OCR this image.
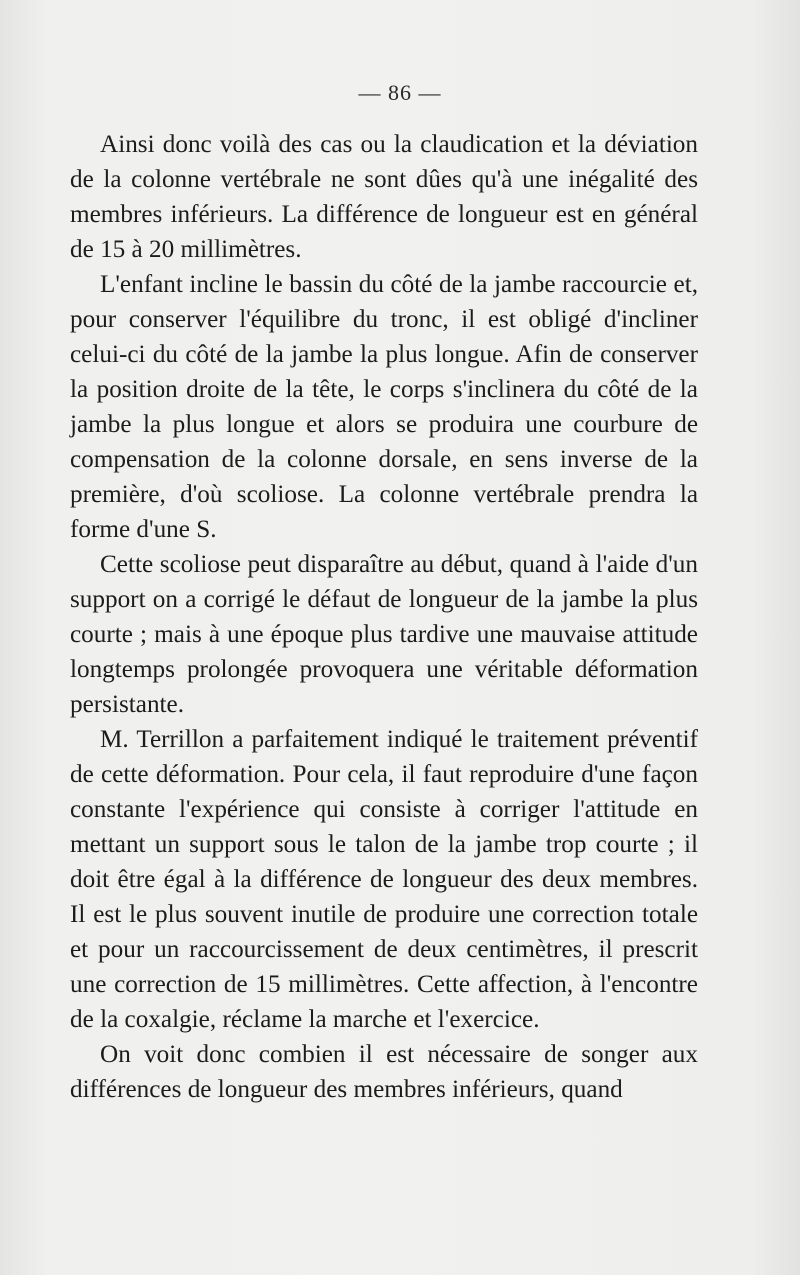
— 86 —

Ainsi donc voilà des cas ou la claudication et la déviation de la colonne vertébrale ne sont dûes qu'à une inégalité des membres inférieurs. La différence de longueur est en général de 15 à 20 millimètres.

L'enfant incline le bassin du côté de la jambe raccourcie et, pour conserver l'équilibre du tronc, il est obligé d'incliner celui-ci du côté de la jambe la plus longue. Afin de conserver la position droite de la tête, le corps s'inclinera du côté de la jambe la plus longue et alors se produira une courbure de compensation de la colonne dorsale, en sens inverse de la première, d'où scoliose. La colonne vertébrale prendra la forme d'une S.

Cette scoliose peut disparaître au début, quand à l'aide d'un support on a corrigé le défaut de longueur de la jambe la plus courte ; mais à une époque plus tardive une mauvaise attitude longtemps prolongée provoquera une véritable déformation persistante.

M. Terrillon a parfaitement indiqué le traitement préventif de cette déformation. Pour cela, il faut reproduire d'une façon constante l'expérience qui consiste à corriger l'attitude en mettant un support sous le talon de la jambe trop courte ; il doit être égal à la différence de longueur des deux membres. Il est le plus souvent inutile de produire une correction totale et pour un raccourcissement de deux centimètres, il prescrit une correction de 15 millimètres. Cette affection, à l'encontre de la coxalgie, réclame la marche et l'exercice.

On voit donc combien il est nécessaire de songer aux différences de longueur des membres inférieurs, quand
